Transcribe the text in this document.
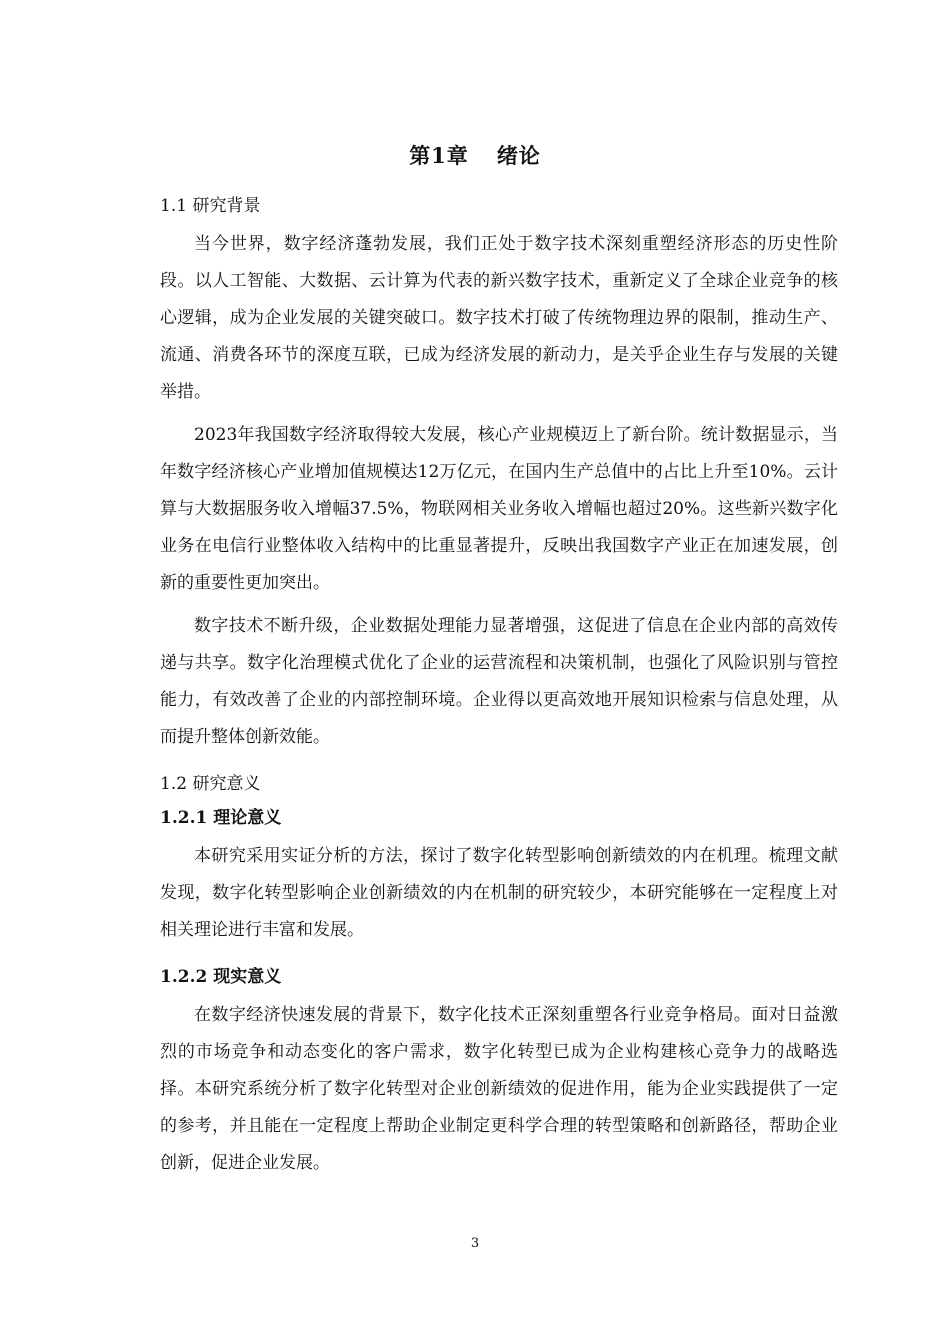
第1章 绪论
1.1 研究背景

当今世界，数字经济蓬勃发展，我们正处于数字技术深刻重塑经济形态的历史性阶段。以人工智能、大数据、云计算为代表的新兴数字技术，重新定义了全球企业竞争的核心逻辑，成为企业发展的关键突破口。数字技术打破了传统物理边界的限制，推动生产、流通、消费各环节的深度互联，已成为经济发展的新动力，是关乎企业生存与发展的关键举措。

2023年我国数字经济取得较大发展，核心产业规模迈上了新台阶。统计数据显示，当年数字经济核心产业增加值规模达12万亿元，在国内生产总值中的占比上升至10%。云计算与大数据服务收入增幅37.5%，物联网相关业务收入增幅也超过20%。这些新兴数字化业务在电信行业整体收入结构中的比重显著提升，反映出我国数字产业正在加速发展，创新的重要性更加突出。

数字技术不断升级，企业数据处理能力显著增强，这促进了信息在企业内部的高效传递与共享。数字化治理模式优化了企业的运营流程和决策机制，也强化了风险识别与管控能力，有效改善了企业的内部控制环境。企业得以更高效地开展知识检索与信息处理，从而提升整体创新效能。

1.2 研究意义
1.2.1 理论意义

本研究采用实证分析的方法，探讨了数字化转型影响创新绩效的内在机理。梳理文献发现，数字化转型影响企业创新绩效的内在机制的研究较少，本研究能够在一定程度上对相关理论进行丰富和发展。

1.2.2 现实意义

在数字经济快速发展的背景下，数字化技术正深刻重塑各行业竞争格局。面对日益激烈的市场竞争和动态变化的客户需求，数字化转型已成为企业构建核心竞争力的战略选择。本研究系统分析了数字化转型对企业创新绩效的促进作用，能为企业实践提供了一定的参考，并且能在一定程度上帮助企业制定更科学合理的转型策略和创新路径，帮助企业创新，促进企业发展。

3
